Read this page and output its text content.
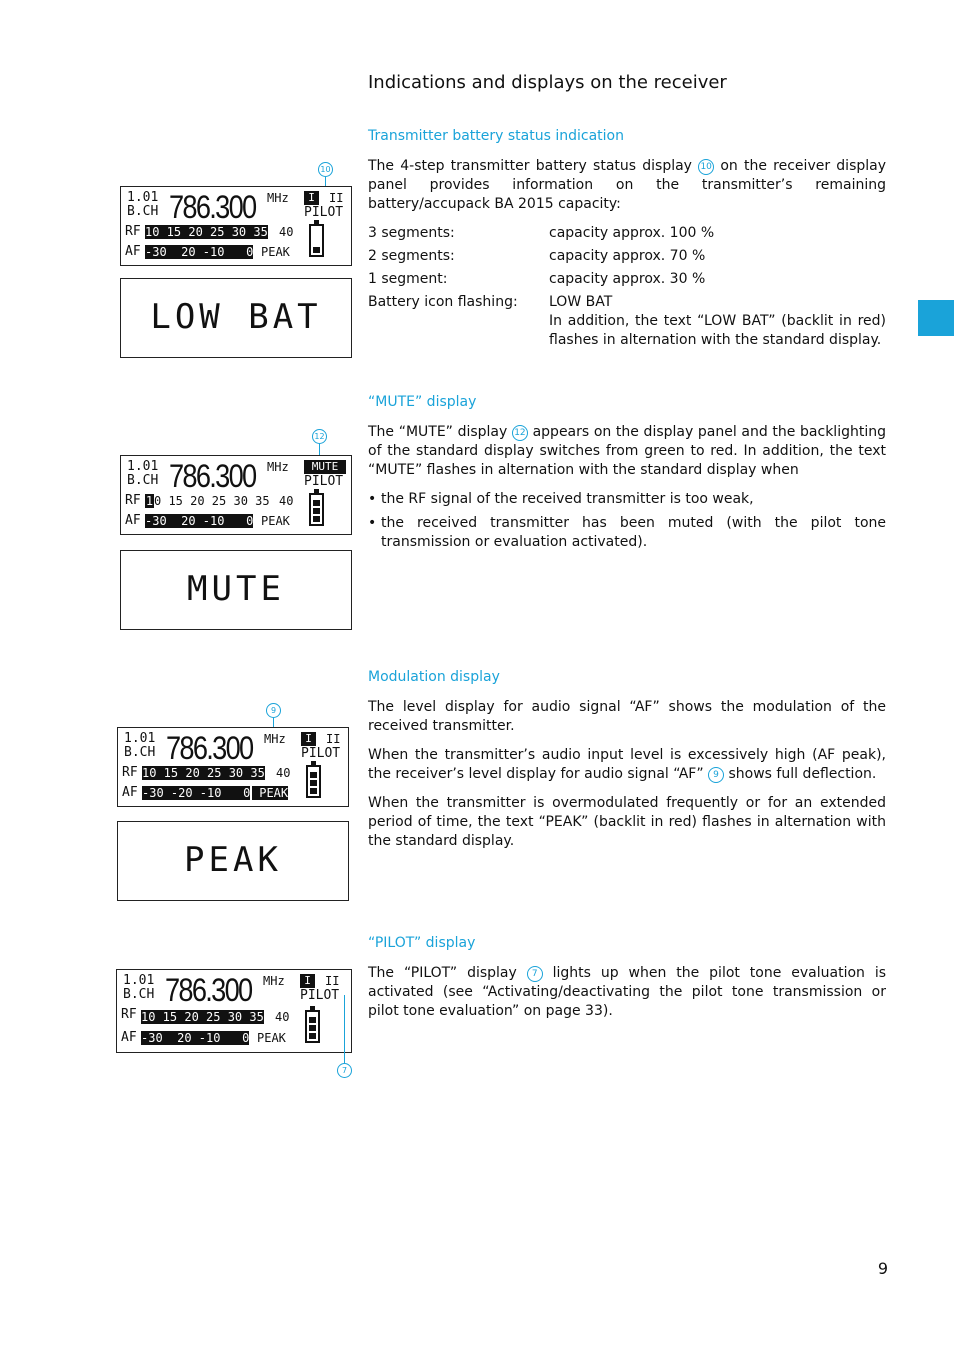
Indications and displays on the receiver
Transmitter battery status indication

The 4-step transmitter battery status display 10 on the receiver display panel provides information on the transmitter’s remaining battery/accupack BA 2015 capacity:

3 segments:	capacity approx. 100 %
2 segments:	capacity approx. 70 %
1 segment:	capacity approx. 30 %
Battery icon flashing:	LOW BAT
In addition, the text “LOW BAT” (backlit in red) flashes in alternation with the standard display.
10
1.01
B.CH 786.300 MHz	I	II
PILOT
RF 10 15 20 25 30 35 40
AF -30  20 -10   0 PEAK
LOW BAT
“MUTE” display

The “MUTE” display 12 appears on the display panel and the backlighting of the standard display switches from green to red. In addition, the text “MUTE” flashes in alternation with the standard display when

• the RF signal of the received transmitter is too weak,
• the received transmitter has been muted (with the pilot tone transmission or evaluation activated).
12
1.01
B.CH 786.300 MHz	MUTE
PILOT
RF 1 0 15 20 25 30 35 40
AF -30  20 -10   0 PEAK
MUTE
Modulation display

The level display for audio signal “AF” shows the modulation of the received transmitter.

When the transmitter’s audio input level is excessively high (AF peak), the receiver’s level display for audio signal “AF” 9 shows full deflection.

When the transmitter is overmodulated frequently or for an extended period of time, the text “PEAK” (backlit in red) flashes in alternation with the standard display.

9
1.01
B.CH 786.300 MHz	I	II
PILOT
RF 10 15 20 25 30 35 40
AF -30 -20 -10   0 PEAK
PEAK
“PILOT” display

The “PILOT” display 7 lights up when the pilot tone evaluation is activated (see “Activating/deactivating the pilot tone transmission or pilot tone evaluation” on page 33).

1.01
B.CH 786.300 MHz	I	II
PILOT
RF 10 15 20 25 30 35 40
AF -30  20 -10   0 PEAK
7
9
